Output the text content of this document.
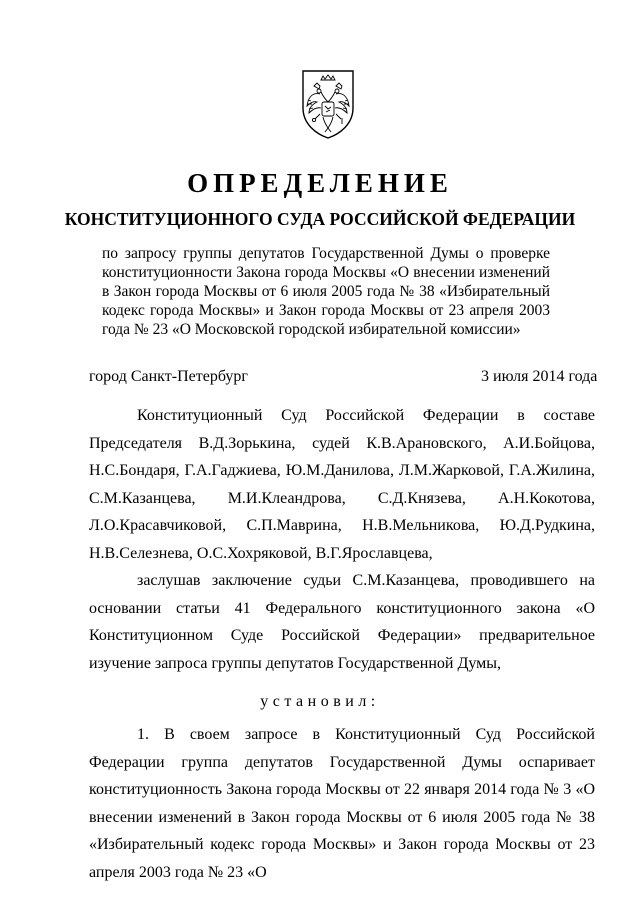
ОПРЕДЕЛЕНИЕ
КОНСТИТУЦИОННОГО СУДА РОССИЙСКОЙ ФЕДЕРАЦИИ

по запросу группы депутатов Государственной Думы о проверке конституционности Закона города Москвы «О внесении изменений в Закон города Москвы от 6 июля 2005 года № 38 «Избирательный кодекс города Москвы» и Закон города Москвы от 23 апреля 2003 года № 23 «О Московской городской избирательной комиссии»

город Санкт-Петербург	3 июля 2014 года

Конституционный Суд Российской Федерации в составе Председателя В.Д.Зорькина, судей К.В.Арановского, А.И.Бойцова, Н.С.Бондаря, Г.А.Гаджиева, Ю.М.Данилова, Л.М.Жарковой, Г.А.Жилина, С.М.Казанцева, М.И.Клеандрова, С.Д.Князева, А.Н.Кокотова, Л.О.Красавчиковой, С.П.Маврина, Н.В.Мельникова, Ю.Д.Рудкина, Н.В.Селезнева, О.С.Хохряковой, В.Г.Ярославцева,

заслушав заключение судьи С.М.Казанцева, проводившего на основании статьи 41 Федерального конституционного закона «О Конституционном Суде Российской Федерации» предварительное изучение запроса группы депутатов Государственной Думы,

установил:

1. В своем запросе в Конституционный Суд Российской Федерации группа депутатов Государственной Думы оспаривает конституционность Закона города Москвы от 22 января 2014 года № 3 «О внесении изменений в Закон города Москвы от 6 июля 2005 года № 38 «Избирательный кодекс города Москвы» и Закон города Москвы от 23 апреля 2003 года № 23 «О
